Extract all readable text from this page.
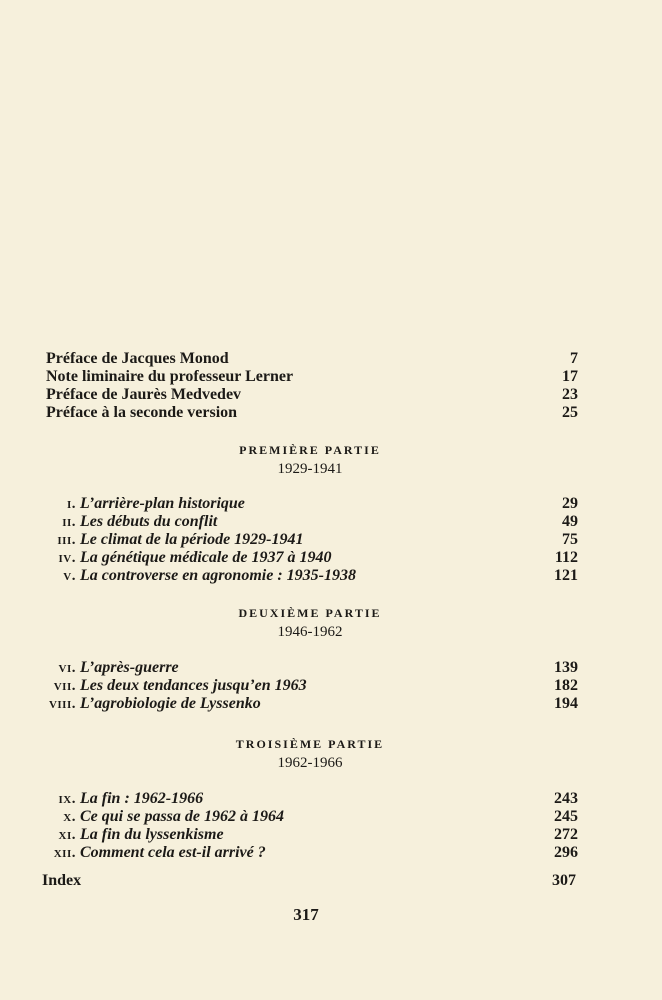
Préface de Jacques Monod	7
Note liminaire du professeur Lerner	17
Préface de Jaurès Medvedev	23
Préface à la seconde version	25
PREMIÈRE PARTIE
1929-1941
i. L’arrière-plan historique	29
ii. Les débuts du conflit	49
iii. Le climat de la période 1929-1941	75
iv. La génétique médicale de 1937 à 1940	112
v. La controverse en agronomie : 1935-1938	121
DEUXIÈME PARTIE
1946-1962
vi. L’après-guerre	139
vii. Les deux tendances jusqu’en 1963	182
viii. L’agrobiologie de Lyssenko	194
TROISIÈME PARTIE
1962-1966
ix. La fin : 1962-1966	243
x. Ce qui se passa de 1962 à 1964	245
xi. La fin du lyssenkisme	272
xii. Comment cela est-il arrivé ?	296
Index	307
317
